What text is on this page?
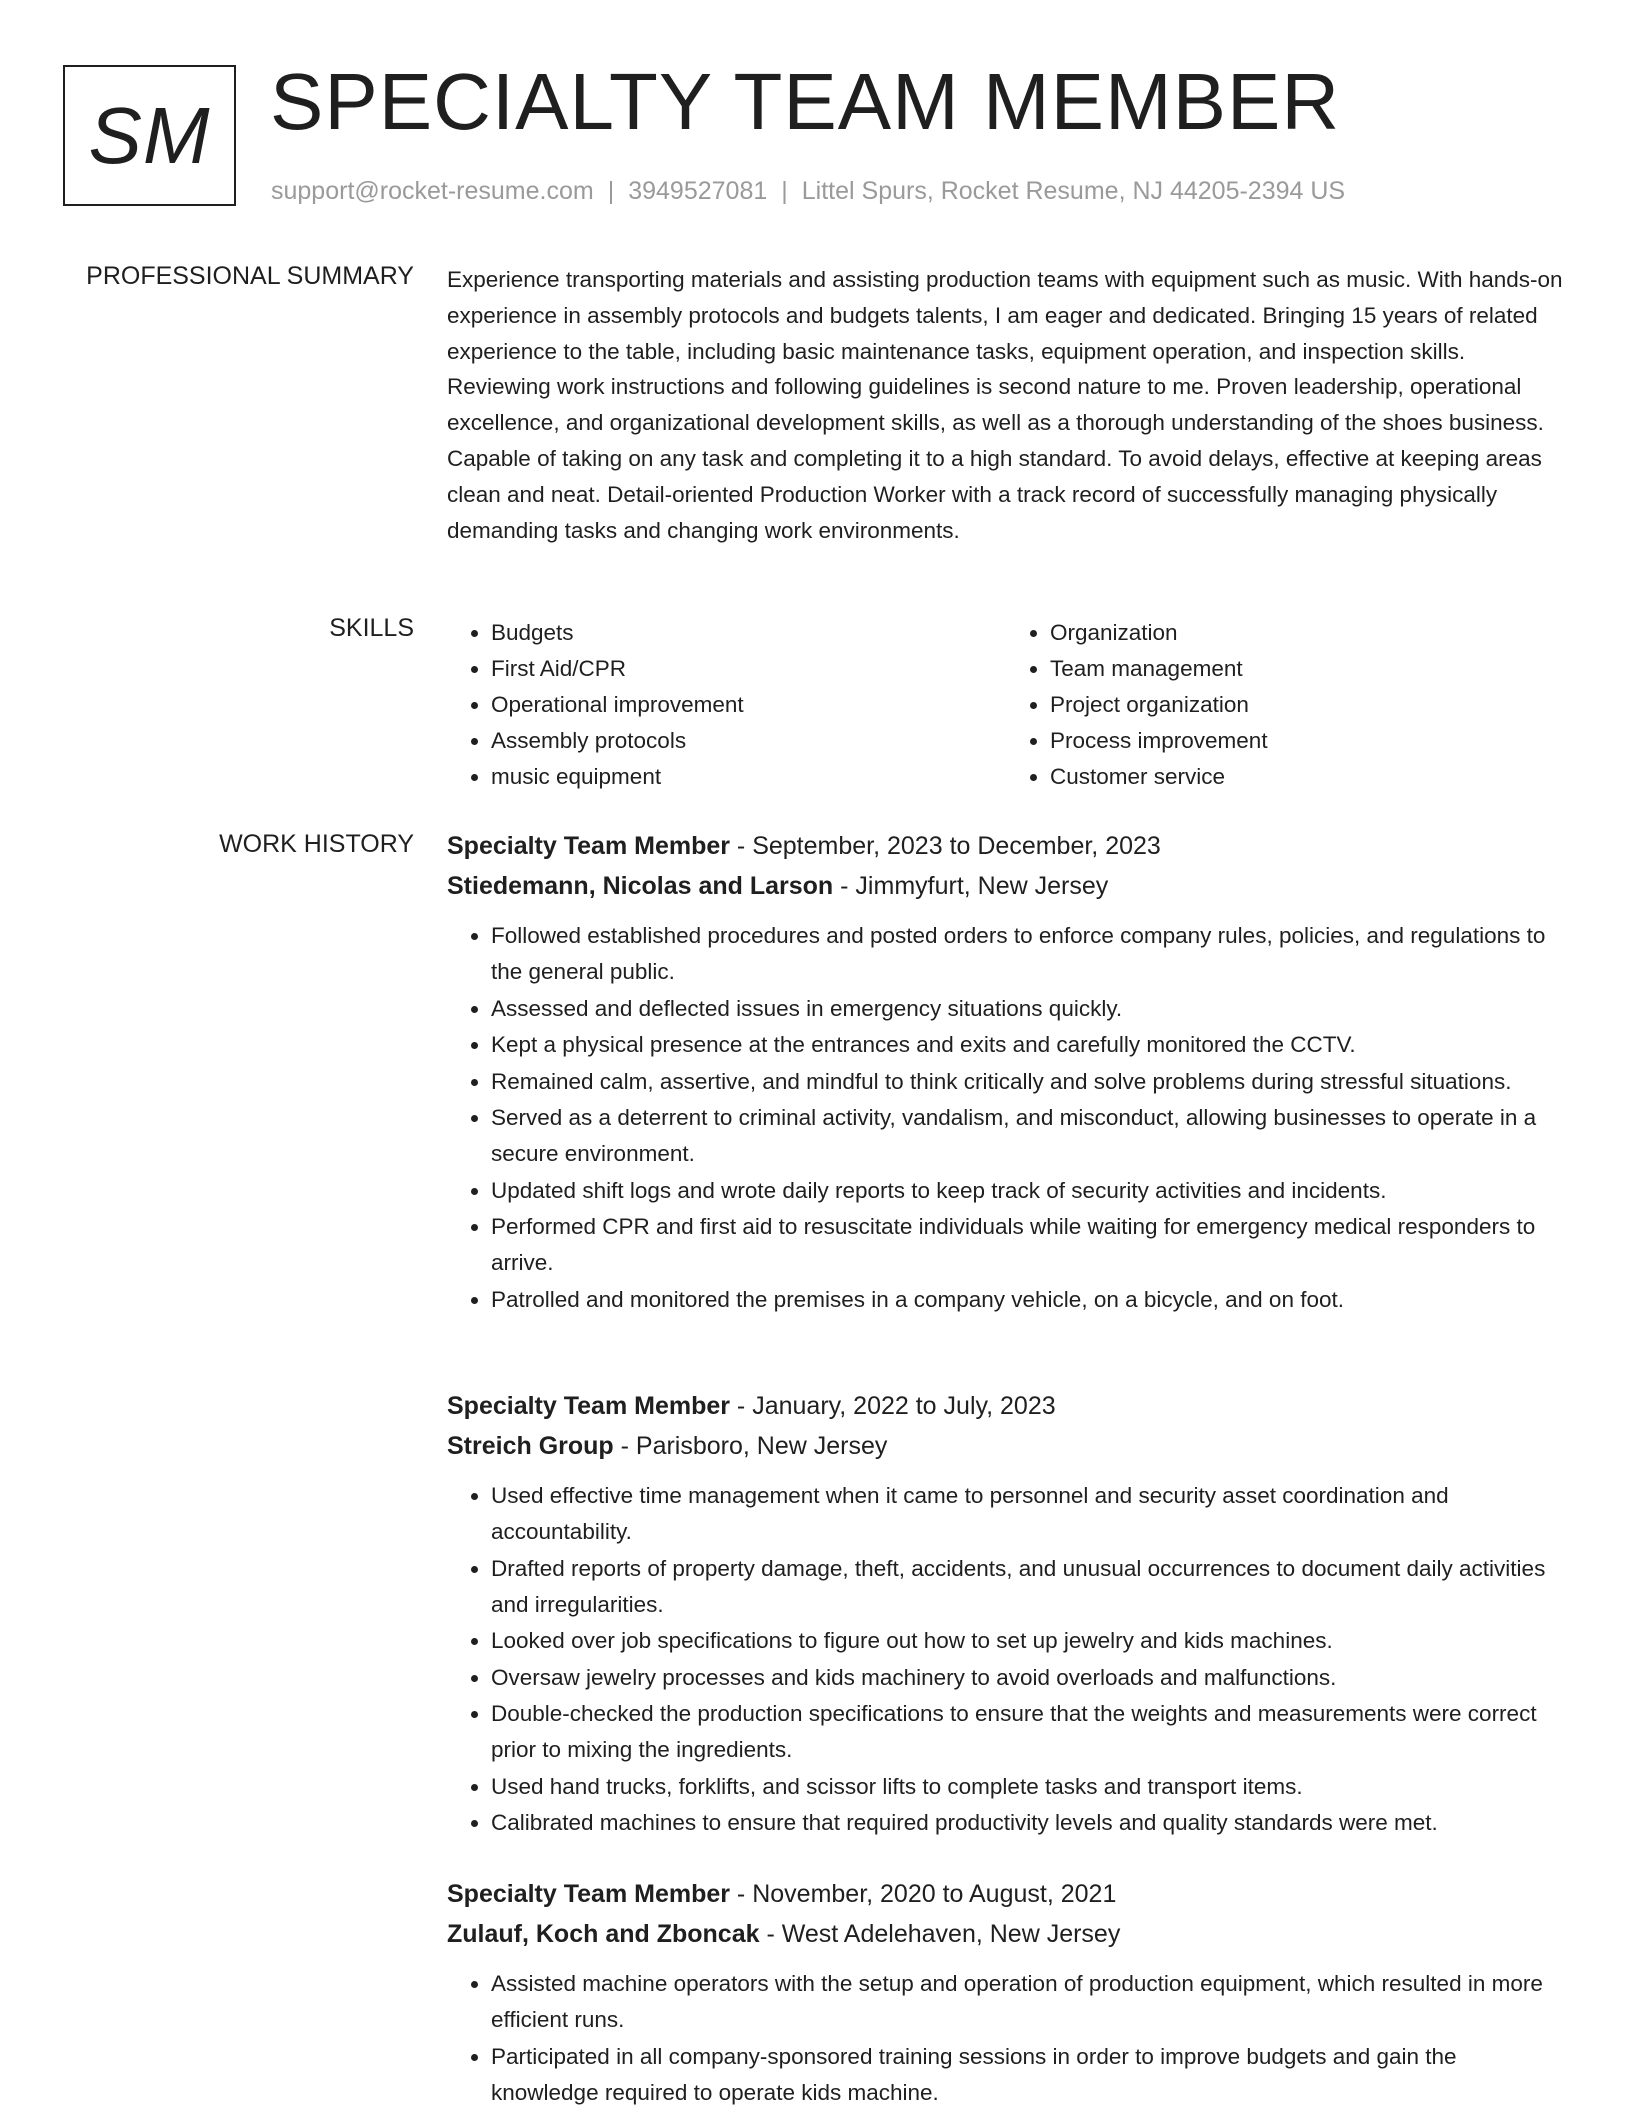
SM SPECIALTY TEAM MEMBER
support@rocket-resume.com | 3949527081 | Littel Spurs, Rocket Resume, NJ 44205-2394 US
PROFESSIONAL SUMMARY Experience transporting materials and assisting production teams with equipment such as music. With hands-on experience in assembly protocols and budgets talents, I am eager and dedicated. Bringing 15 years of related experience to the table, including basic maintenance tasks, equipment operation, and inspection skills. Reviewing work instructions and following guidelines is second nature to me. Proven leadership, operational excellence, and organizational development skills, as well as a thorough understanding of the shoes business. Capable of taking on any task and completing it to a high standard. To avoid delays, effective at keeping areas clean and neat. Detail-oriented Production Worker with a track record of successfully managing physically demanding tasks and changing work environments.

SKILLS
•	Budgets
• First Aid/CPR
• Operational improvement
• Assembly protocols
• music equipment
• Organization
• Team management
• Project organization
• Process improvement
• Customer service
WORK HISTORY Specialty Team Member - September, 2023 to December, 2023
Stiedemann, Nicolas and Larson - Jimmyfurt, New Jersey
• Followed established procedures and posted orders to enforce company rules, policies, and regulations to the general public.
• Assessed and deflected issues in emergency situations quickly.
• Kept a physical presence at the entrances and exits and carefully monitored the CCTV.
• Remained calm, assertive, and mindful to think critically and solve problems during stressful situations.
• Served as a deterrent to criminal activity, vandalism, and misconduct, allowing businesses to operate in a secure environment.
• Updated shift logs and wrote daily reports to keep track of security activities and incidents.
• Performed CPR and first aid to resuscitate individuals while waiting for emergency medical responders to arrive.
• Patrolled and monitored the premises in a company vehicle, on a bicycle, and on foot.
Specialty Team Member - January, 2022 to July, 2023
Streich Group - Parisboro, New Jersey
• Used effective time management when it came to personnel and security asset coordination and accountability.
• Drafted reports of property damage, theft, accidents, and unusual occurrences to document daily activities and irregularities.
• Looked over job specifications to figure out how to set up jewelry and kids machines.
• Oversaw jewelry processes and kids machinery to avoid overloads and malfunctions.
• Double-checked the production specifications to ensure that the weights and measurements were correct prior to mixing the ingredients.
• Used hand trucks, forklifts, and scissor lifts to complete tasks and transport items.
• Calibrated machines to ensure that required productivity levels and quality standards were met.
Specialty Team Member - November, 2020 to August, 2021
Zulauf, Koch and Zboncak - West Adelehaven, New Jersey
• Assisted machine operators with the setup and operation of production equipment, which resulted in more efficient runs.
• Participated in all company-sponsored training sessions in order to improve budgets and gain the knowledge required to operate kids machine.
